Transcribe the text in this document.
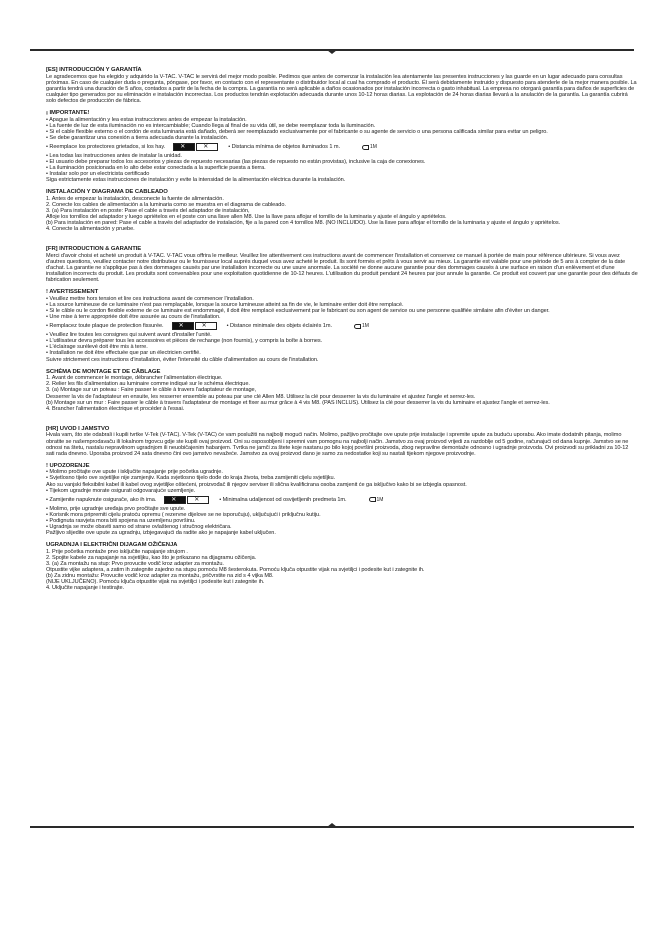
[ES] INTRODUCCIÓN Y GARANTÍA

Le agradecemos que ha elegido y adquirido la V-TAC. V-TAC le servirá del mejor modo posible. Pedimos que antes de comenzar la instalación lea atentamente las presentes instrucciones y las guarde en un lugar adecuado para consultas próximas. En caso de cualquier duda o pregunta, póngase, por favor, en contacto con el representante o distribuidor local al cual ha comprado el producto. Él será debidamente instruido y dispuesto para atenderle de la mejor manera posible. La garantía tendrá una duración de 5 años, contados a partir de la fecha de la compra. La garantía no será aplicable a daños ocasionados por instalación incorrecta o gasto inhabitual. La empresa no otorgará garantía para daños de superficies de cualquier tipo generados por su eliminación e instalación incorrectas. Los productos tendrán explotación adecuada durante unos 10-12 horas diarias. La explotación de 24 horas diarias llevará a la anulación de la garantía. La garantía cubrirá solo defectos de producción de fábrica.

¡ IMPORTANTE!
• Apague la alimentación y lea estas instrucciones antes de empezar la instalación.
• La fuente de luz de esta iluminación no es intercambiable; Cuando llega al final de su vida útil, se debe reemplazar toda la iluminación.
• Si el cable flexible externo o el cordón de esta luminaria está dañado, deberá ser reemplazado exclusivamente por el fabricante o su agente de servicio o una persona calificada similar para evitar un peligro.
• Se debe garantizar una conexión a tierra adecuada durante la instalación.
• Reemplace los protectores grietados, si los hay.	✕	✕	• Distancia mínima de objetos iluminados 1 m.	1M
• Lea todas las instrucciones antes de instalar la unidad.
• El usuario debe preparar todos los accesorios y piezas de repuesto necesarias (las piezas de repuesto no están provistas), inclusive la caja de conexiones.
• La iluminación posicionada en lo alto debe estar conectada a la superficie puesta a tierra.
• Instalar solo por un electricista certificado
Siga estrictamente estas instrucciones de instalación y evite la intensidad de la alimentación eléctrica durante la instalación.
INSTALACIÓN Y DIAGRAMA DE CABLEADO
1. Antes de empezar la instalación, desconecte la fuente de alimentación.
2. Conecte los cables de alimentación a la luminaria como se muestra en el diagrama de cableado.
3. (a) Para instalación en poste: Pase el cable a través del adaptador de instalación,
Afloje los tornillos del adaptador y luego apriételos en el poste con una llave allen M8. Use la llave para aflojar el tornillo de la luminaria y ajuste el ángulo y apriételos.
(b) Para instalación en pared: Pase el cable a través del adaptador de instalación, fije a la pared con 4 tornillos M8. (NO INCLUIDO). Use la llave para aflojar el tornillo de la luminaria y ajuste el ángulo y apriételos.
4. Conecte la alimentación y pruebe.
[FR] INTRODUCTION & GARANTIE

Merci d'avoir choisi et acheté un produit à V-TAC. V-TAC vous offrira le meilleur. Veuillez lire attentivement ces instructions avant de commencer l'installation et conservez ce manuel à portée de main pour référence ultérieure. Si vous avez d'autres questions, veuillez contacter notre distributeur ou le fournisseur local auprès duquel vous avez acheté le produit. Ils sont formés et prêts à vous servir au mieux. La garantie est valable pour une période de 5 ans à compter de la date d'achat. La garantie ne s'applique pas à des dommages causés par une installation incorrecte ou une usure anormale. La société ne donne aucune garantie pour des dommages causés à une surface en raison d'un enlèvement et d'une installation incorrects du produit. Les produits sont convenables pour une exploitation quotidienne de 10-12 heures. L'utilisation du produit pendant 24 heures par jour annule la garantie. Ce produit est couvert par une garantie pour des défauts de fabrication seulement.

! AVERTISSEMENT
• Veuillez mettre hors tension et lire ces instructions avant de commencer l'installation.
• La source lumineuse de ce luminaire n'est pas remplaçable, lorsque la source lumineuse atteint sa fin de vie, le luminaire entier doit être remplacé.
• Si le câble ou le cordon flexible externe de ce luminaire est endommagé, il doit être remplacé exclusivement par le fabricant ou son agent de service ou une personne qualifiée similaire afin d'éviter un danger.
• Une mise à terre appropriée doit être assurée au cours de l'installation.
• Remplacez toute plaque de protection fissurée.	✕	✕	• Distance minimale des objets éclairés 1m.	1M
• Veuillez lire toutes les consignes qui suivent avant d'installer l'unité.
• L'utilisateur devra préparer tous les accessoires et pièces de rechange (non fournis), y compris la boîte à bornes.
• L'éclairage surélevé doit être mis à terre.
• Installation ne doit être effectuée que par un électricien certifié.
Suivre strictement ces instructions d'installation, éviter l'intensité du câble d'alimentation au cours de l'installation.
SCHÉMA DE MONTAGE ET DE CÂBLAGE
1. Avant de commencer le montage, débrancher l'alimentation électrique.
2. Relier les fils d'alimentation au luminaire comme indiqué sur le schéma électrique.
3. (a) Montage sur un poteau : Faire passer le câble à travers l'adaptateur de montage,
Desserrer la vis de l'adaptateur en ensuite, les resserrer ensemble au poteau par une clé Allen M8. Utilisez la clé pour desserrer la vis du luminaire et ajustez l'angle et serrez-les.
(b) Montage sur un mur : Faire passer le câble à travers l'adaptateur de montage et fixer au mur grâce à 4 vis M8. (PAS INCLUS). Utilisez la clé pour desserrer la vis du luminaire et ajustez l'angle et serrez-les.
4. Brancher l'alimentation électrique et procéder à l'essai.
[HR] UVOD I JAMSTVO

Hvala vam, što ste odabrali i kupili tvrtke V-Tek (V-TAC). V-Tek (V-TAC) će vam poslužiti na najbolji mogući način. Molimo, pažljivo pročitajte ove upute prije instalacije i spremite upute za buduću uporabu. Ako imate dodatnih pitanja, molimo obratite se našemprodavaču ili lokalnom trgovcu gdje ste kupili ovaj proizvod. Oni su osposobljeni i spremni vam pomognu na najbolji način. Jamstvo za ovaj proizvod vrijedi za razdoblje od 5 godine, računajući od dana kupnje. Jamstvo se ne odnosi na štetu, nastalu nepravilnom ugradnjom ili neuobičajenim habanjem. Tvrtka ne jamči za štete koje nastanu po bilo kojoj površini proizvoda, zbog nepravilne demontaže odnosno i ugradnje proizvoda. Ovi proizvodi su prikladni za 10-12 sati rada dnevno. Uporaba proizvod 24 sata dnevno čini ovo jamstvo nevažeće. Jamstvo za ovaj proizvod dano je samo za nedostatke koji su nastali tijekom njegove proizvodnje.

! UPOZORENJE
• Molimo pročitajte ove upute i isključite napajanje prije početka ugradnje.
• Svjetlosno tijelo ove svjetiljke nije zamjenjiv. Kada svjetlosno tijelo dođe do kraja života, treba zamijeniti cijelu svjetiljku.
Ako su vanjski fleksibilni kabel ili kabel ovog svjetiljke oštećeni, proizvođač ili njegov serviser ili slična kvalificirana osoba zamjenit će ga isključivo kako bi se izbjegla opasnost.
• Tijekom ugradnje morate osigurati odgovarajuće uzemljenje.
• Zamijenite napuknute osigurače, ako ih ima.	✕	✕	• Minimalna udaljenost od osvijetljenih predmeta 1m.	1M
• Molimo, prije ugradnje uređaja prvo pročitajte sve upute.
• Korisnik mora pripremiti cijelu pratoću opremu ( rezervne dijelove se ne isporučuju), uključujući i priključnu kutiju.
• Podignuta rasvjeta mora biti spojena na uzemljenu površinu.
• Ugradnja se može obaviti samo od strane ovlaštenog i stručnog električara.
Pažljivo slijedite ove upute za ugradnju, izbjegavajući da radite ako je napajanje kabel uključen.
UGRADNJA I ELEKTRIČNI DIJAGAM OŽIČENJA
1. Prije početka montaže prvo isključite napajanje strujom .
2. Spojite kabele za napajanje na svjetiljku, kao što je prikazano na dijagramu ožičenja.
3. (a) Za montažu na stup: Prvo provucite vodič kroz adapter za montažu.
Otpustite vijke adaptera, a zatim ih zategnite zajedno na stupu pomoću M8 šesterokuta. Pomoću ključa otpustite vijak na svjetiljci i podesite kut i zategnite ih.
(b) Za zidnu montažu: Provucite vodič kroz adapter za montažu, pričvrstite na zid s 4 vijka M8.
(NIJE UKLJUČENO). Pomoću ključa otpustite vijak na svjetiljci i podesite kut i zategnite ih.
4. Uključite napajanje i testirajte.
